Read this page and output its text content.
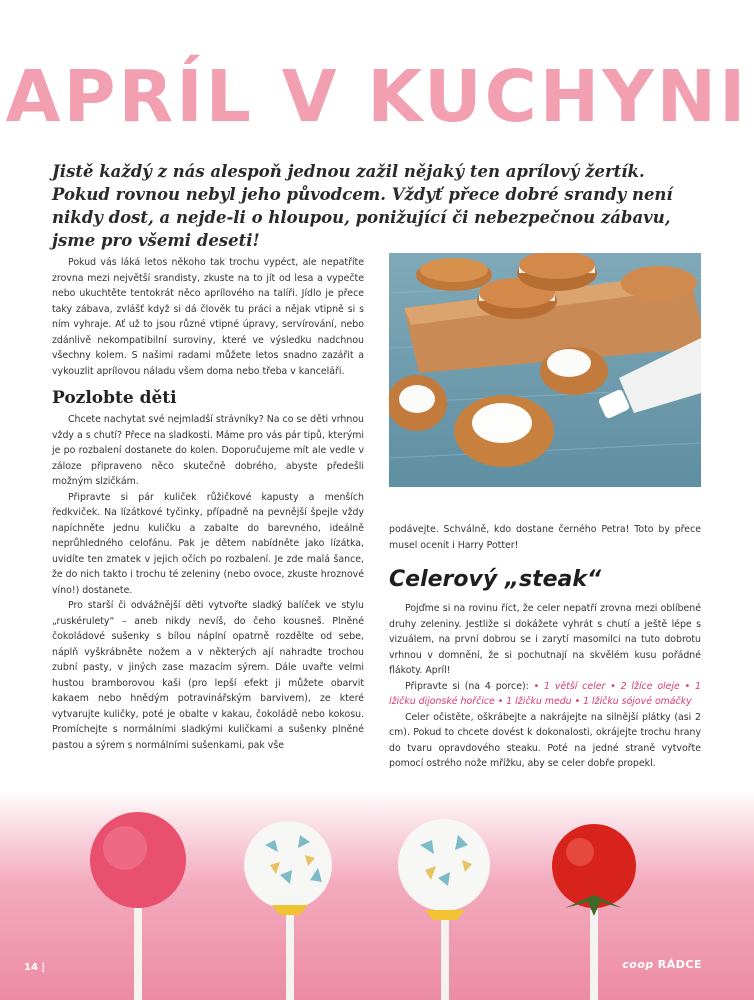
APRÍL V KUCHYNI
Jistě každý z nás alespoň jednou zažil nějaký ten aprílový žertík. Pokud rovnou nebyl jeho původcem. Vždyť přece dobré srandy není nikdy dost, a nejde-li o hloupou, ponižující či nebezpečnou zábavu, jsme pro všemi deseti!

Pokud vás láká letos někoho tak trochu vypéct, ale nepatříte zrovna mezi největší srandisty, zkuste na to jít od lesa a vypečte nebo ukuchtěte tentokrát něco aprílového na talíři. Jídlo je přece taky zábava, zvlášť když si dá člověk tu práci a nějak vtipně si s ním vyhraje. Ať už to jsou různé vtipné úpravy, servírování, nebo zdánlivě nekompatibilní suroviny, které ve výsledku nadchnou všechny kolem. S našimi radami můžete letos snadno zazářit a vykouzlit aprílovou náladu všem doma nebo třeba v kanceláři.

Pozlobte děti

Chcete nachytat své nejmladší strávníky? Na co se děti vrhnou vždy a s chutí? Přece na sladkosti. Máme pro vás pár tipů, kterými je po rozbalení dostanete do kolen. Doporučujeme mít ale vedle v záloze připraveno něco skutečně dobrého, abyste předešli možným slzičkám.

Připravte si pár kuliček růžičkové kapusty a menších ředkviček. Na lízátkové tyčinky, případně na pevnější špejle vždy napíchněte jednu kuličku a zabalte do barevného, ideálně neprůhledného celofánu. Pak je dětem nabídněte jako lízátka, uvidíte ten zmatek v jejich očích po rozbalení. Je zde malá šance, že do nich takto i trochu té zeleniny (nebo ovoce, zkuste hroznové víno!) dostanete.

Pro starší či odvážnější děti vytvořte sladký balíček ve stylu „ruskérulety“ – aneb nikdy nevíš, do čeho kousneš. Plněné čokoládové sušenky s bílou náplní opatrně rozdělte od sebe, náplň vyškrábněte nožem a v některých ají nahradte trochou zubní pasty, v jiných zase mazacím sýrem. Dále uvařte velmi hustou bramborovou kaši (pro lepší efekt ji můžete obarvit kakaem nebo hnědým potravinářským barvivem), ze které vytvarujte kuličky, poté je obalte v kakau, čokoládě nebo kokosu. Promíchejte s normálními sladkými kuličkami a sušenky plněné pastou a sýrem s normálními sušenkami, pak vše

podávejte. Schválně, kdo dostane černého Petra! Toto by přece musel ocenit i Harry Potter!

Celerový „steak“

Pojďme si na rovinu říct, že celer nepatří zrovna mezi oblíbené druhy zeleniny. Jestliže si dokážete vyhrát s chutí a ještě lépe s vizuálem, na první dobrou se i zarytí masomilci na tuto dobrotu vrhnou v domnění, že si pochutnají na skvělém kusu pořádné flákoty. Apríl!

Připravte si (na 4 porce): • 1 větší celer • 2 lžíce oleje • 1 lžičku dijonské hořčice • 1 lžičku medu • 1 lžičku sójové omáčky

Celer očistěte, oškrábejte a nakrájejte na silnější plátky (asi 2 cm). Pokud to chcete dovést k dokonalosti, okrájejte trochu hrany do tvaru opravdového steaku. Poté na jedné straně vytvořte pomocí ostrého nože mřížku, aby se celer dobře propekl.

14 |	coop RÁDCE
